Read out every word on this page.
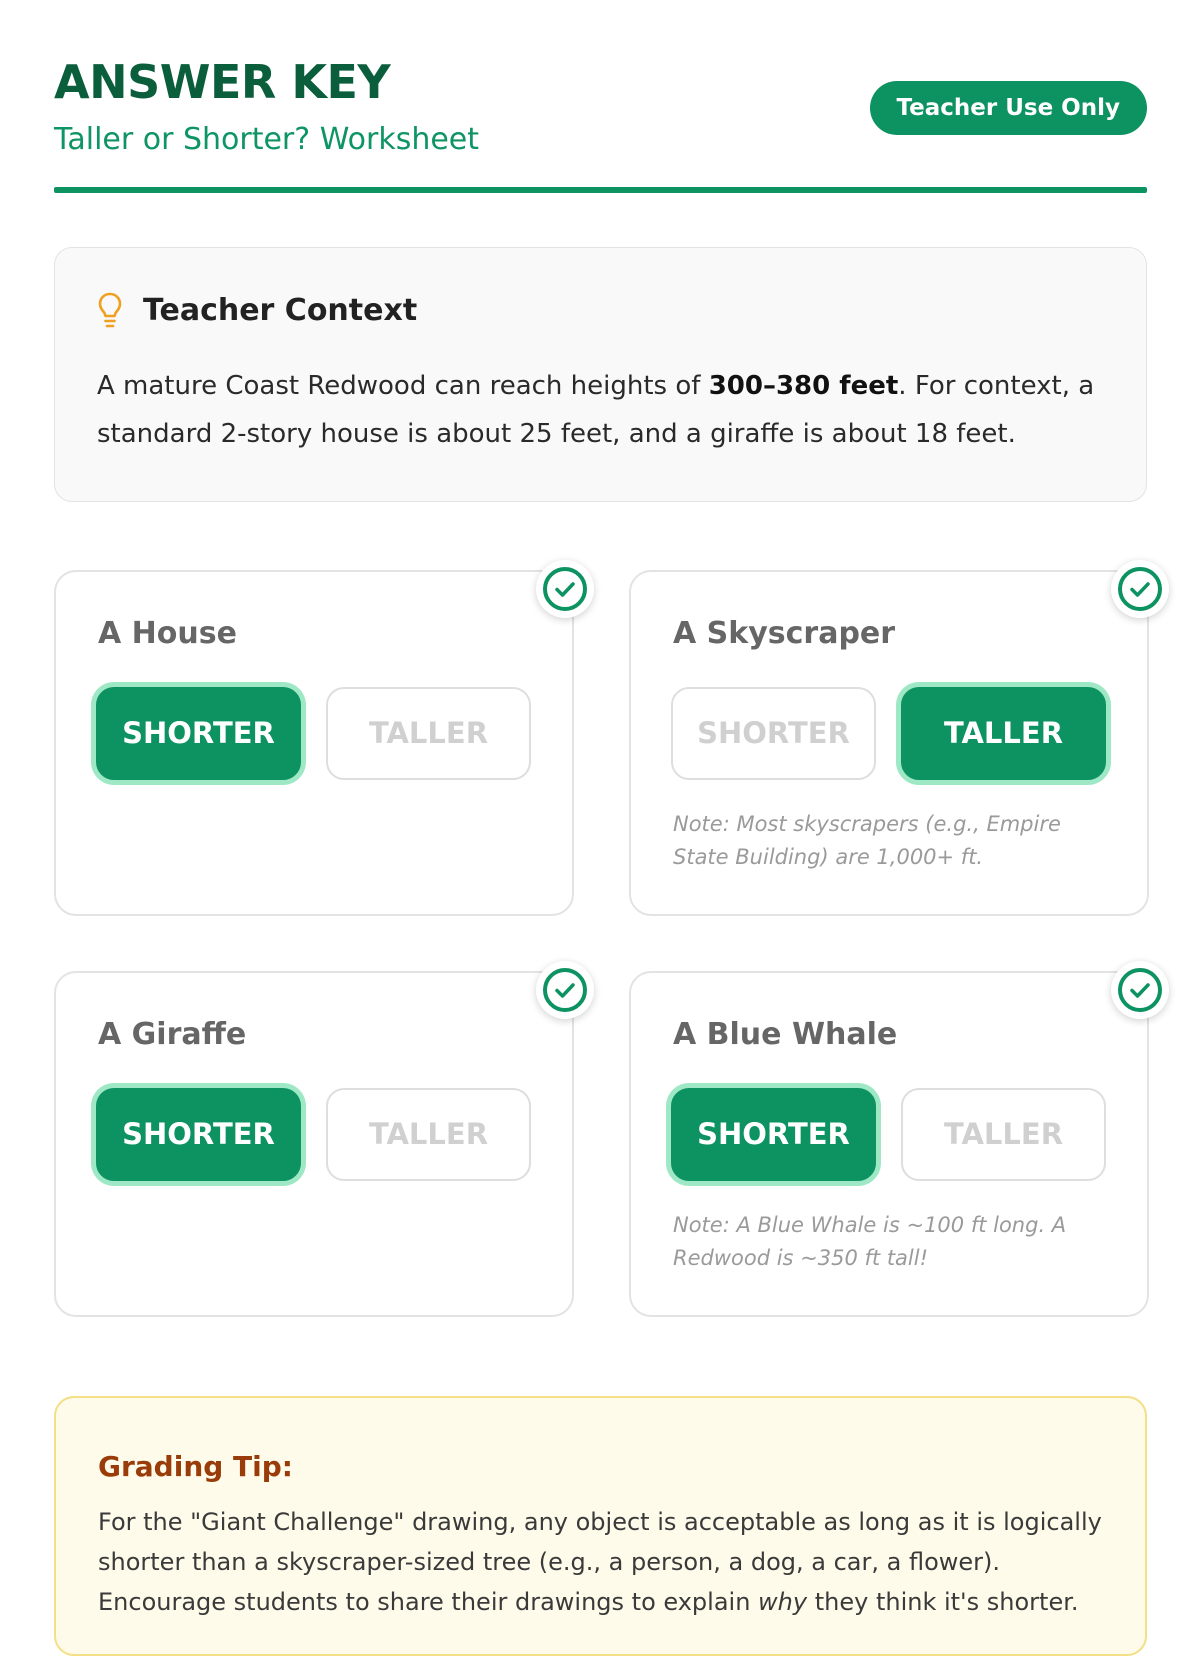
ANSWER KEY
Taller or Shorter? Worksheet
Teacher Use Only
Teacher Context

A mature Coast Redwood can reach heights of 300–380 feet. For context, a standard 2-story house is about 25 feet, and a giraffe is about 18 feet.

A House
SHORTER	TALLER
A Skyscraper
SHORTER	TALLER
Note: Most skyscrapers (e.g., Empire State Building) are 1,000+ ft.
A Giraffe
SHORTER	TALLER
A Blue Whale
SHORTER	TALLER
Note: A Blue Whale is ~100 ft long. A Redwood is ~350 ft tall!
Grading Tip:

For the "Giant Challenge" drawing, any object is acceptable as long as it is logically shorter than a skyscraper-sized tree (e.g., a person, a dog, a car, a flower). Encourage students to share their drawings to explain why they think it's shorter.
